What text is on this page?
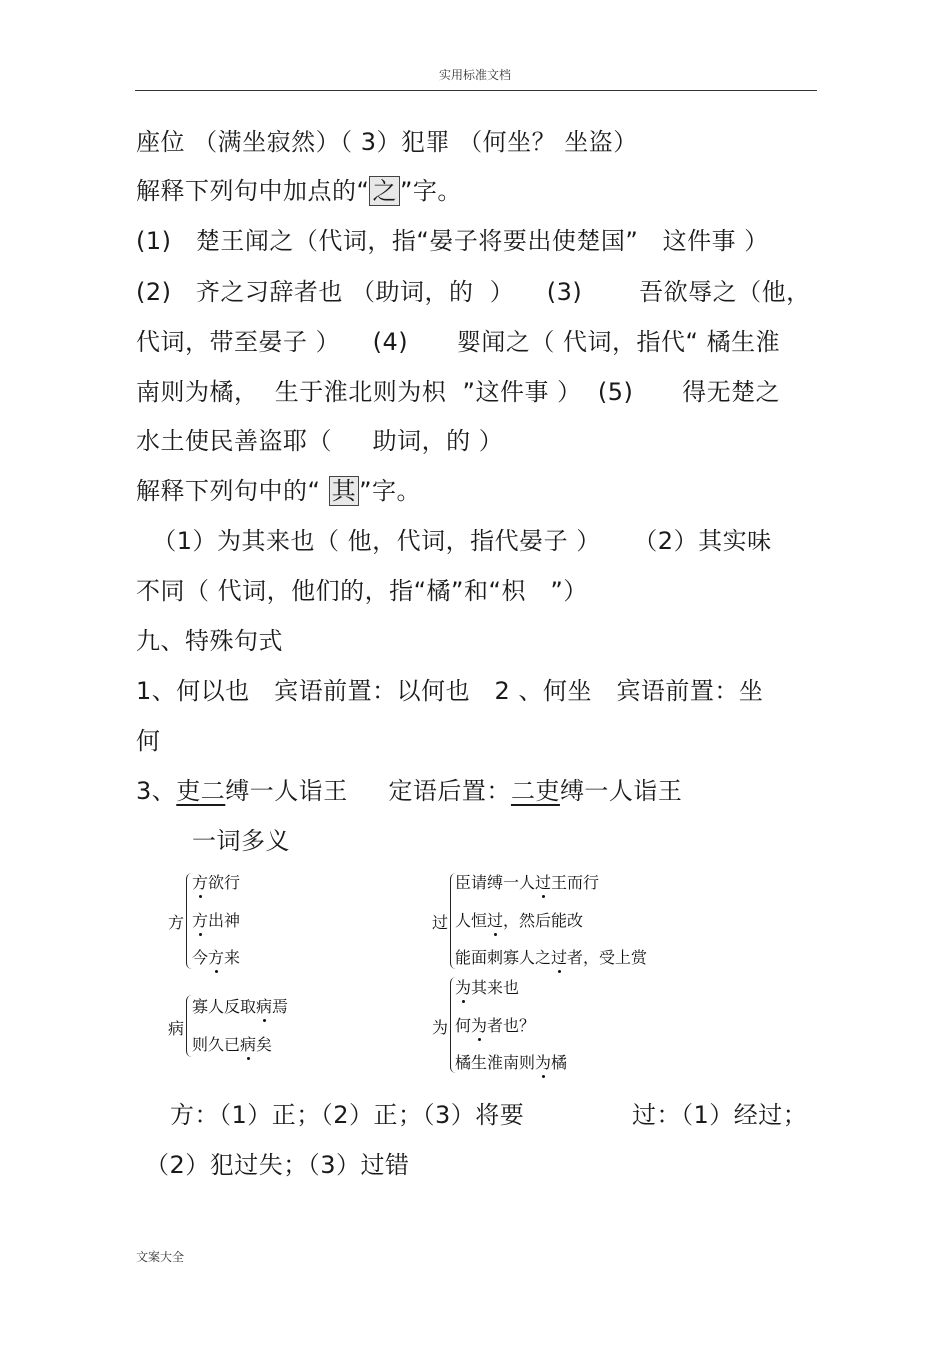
实用标准文档
座位 （满坐寂然）（ 3）犯罪 （何坐？ 坐盗）
解释下列句中加点的“ 之 ”字。
(1)   楚王闻之（代词，指“晏子将要出使楚国”   这件事 ）
(2)   齐之习辞者也 （助词，的  ）    (3)       吾欲辱之（他，
代词，带至晏子 ）    (4)      婴闻之（ 代词，指代“ 橘生淮
南则为橘，  生于淮北则为枳  ”这件事 ）  (5)      得无楚之
水土使民善盗耶（     助词，的 ）
解释下列句中的“ 其 ”字。
（1）为其来也（ 他，代词，指代晏子 ）    （2）其实味
不同（ 代词，他们的，指“橘”和“枳   ”）
九、特殊句式
1、何以也   宾语前置：以何也   2 、何坐   宾语前置：坐
何
3、吏二缚一人诣王     定语后置：二吏缚一人诣王
一词多义
方
方欲行
方出神
今方来
过
臣请缚一人过王而行
人恒过，然后能改
能面刺寡人之过者，受上赏
病
寡人反取病焉
则久已病矣
为
为其来也
何为者也？
橘生淮南则为橘
方：（1）正；（2）正；（3）将要	过：（1）经过；
（2）犯过失；（3）过错
文案大全
